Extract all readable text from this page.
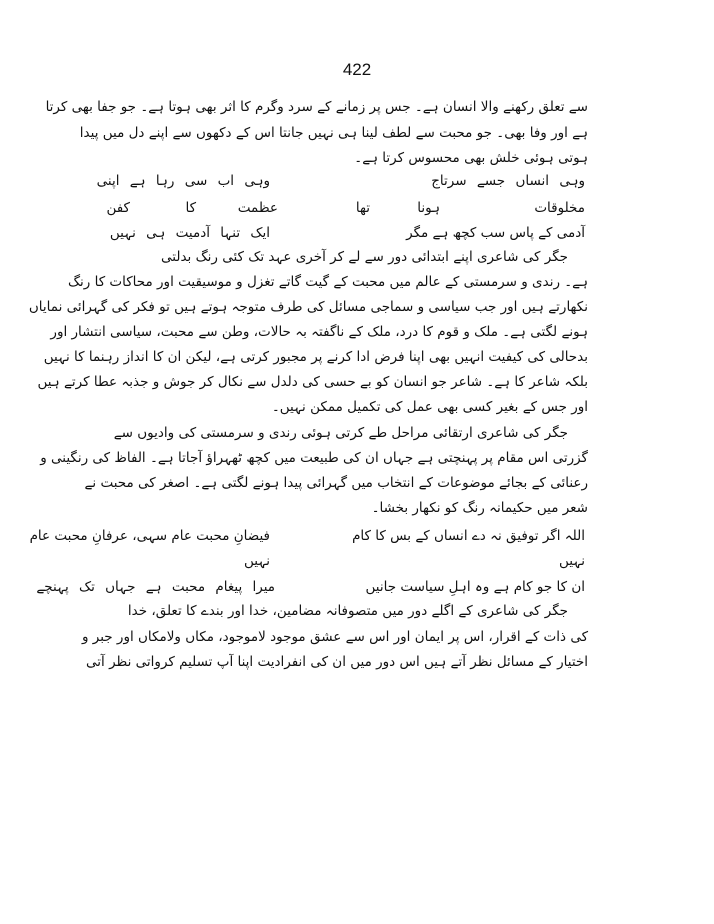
422
سے تعلق رکھنے والا انسان ہے۔ جس پر زمانے کے سرد وگرم کا اثر بھی ہوتا ہے۔ جو جفا بھی کرتا
ہے اور وفا بھی۔ جو محبت سے لطف لینا ہی نہیں جانتا اس کے دکھوں سے اپنے دل میں پیدا
ہوتی ہوئی خلش بھی محسوس کرتا ہے۔
وہی انساں جسے سرتاج
وہی اب سی رہا ہے اپنی
مخلوقات
ہونا
تھا
عظمت
کا
کفن
آدمی کے پاس سب کچھ ہے مگر
ایک تنہا آدمیت ہی نہیں
جگر کی شاعری اپنے ابتدائی دور سے لے کر آخری عہد تک کئی رنگ بدلتی
ہے۔ رندی و سرمستی کے عالم میں محبت کے گیت گاتے تغزل و موسیقیت اور محاکات کا رنگ
نکھارتے ہیں اور جب سیاسی و سماجی مسائل کی طرف متوجہ ہوتے ہیں تو فکر کی گہرائی نمایاں
ہونے لگتی ہے۔ ملک و قوم کا درد، ملک کے ناگفتہ بہ حالات، وطن سے محبت، سیاسی انتشار اور
بدحالی کی کیفیت انہیں بھی اپنا فرض ادا کرنے پر مجبور کرتی ہے، لیکن ان کا انداز رہنما کا نہیں
بلکہ شاعر کا ہے۔ شاعر جو انسان کو بے حسی کی دلدل سے نکال کر جوش و جذبہ عطا کرتے ہیں
اور جس کے بغیر کسی بھی عمل کی تکمیل ممکن نہیں۔
جگر کی شاعری ارتقائی مراحل طے کرتی ہوئی رندی و سرمستی کی وادیوں سے
گزرتی اس مقام پر پہنچتی ہے جہاں ان کی طبیعت میں کچھ ٹھہراؤ آجاتا ہے۔ الفاظ کی رنگینی و
رعنائی کے بجائے موضوعات کے انتخاب میں گہرائی پیدا ہونے لگتی ہے۔ اصغر کی محبت نے
شعر میں حکیمانہ رنگ کو نکھار بخشا۔
اللہ اگر توفیق نہ دے انساں کے بس کا کام
فیضانِ محبت عام سہی، عرفانِ محبت عام
نہیں
نہیں
ان کا جو کام ہے وہ اہلِ سیاست جانیں
میرا پیغام محبت ہے جہاں تک پہنچے
جگر کی شاعری کے اگلے دور میں متصوفانہ مضامین، خدا اور بندے کا تعلق، خدا
کی ذات کے اقرار، اس پر ایمان اور اس سے عشق موجود لاموجود، مکاں ولامکاں اور جبر و
اختیار کے مسائل نظر آتے ہیں اس دور میں ان کی انفرادیت اپنا آپ تسلیم کرواتی نظر آتی
